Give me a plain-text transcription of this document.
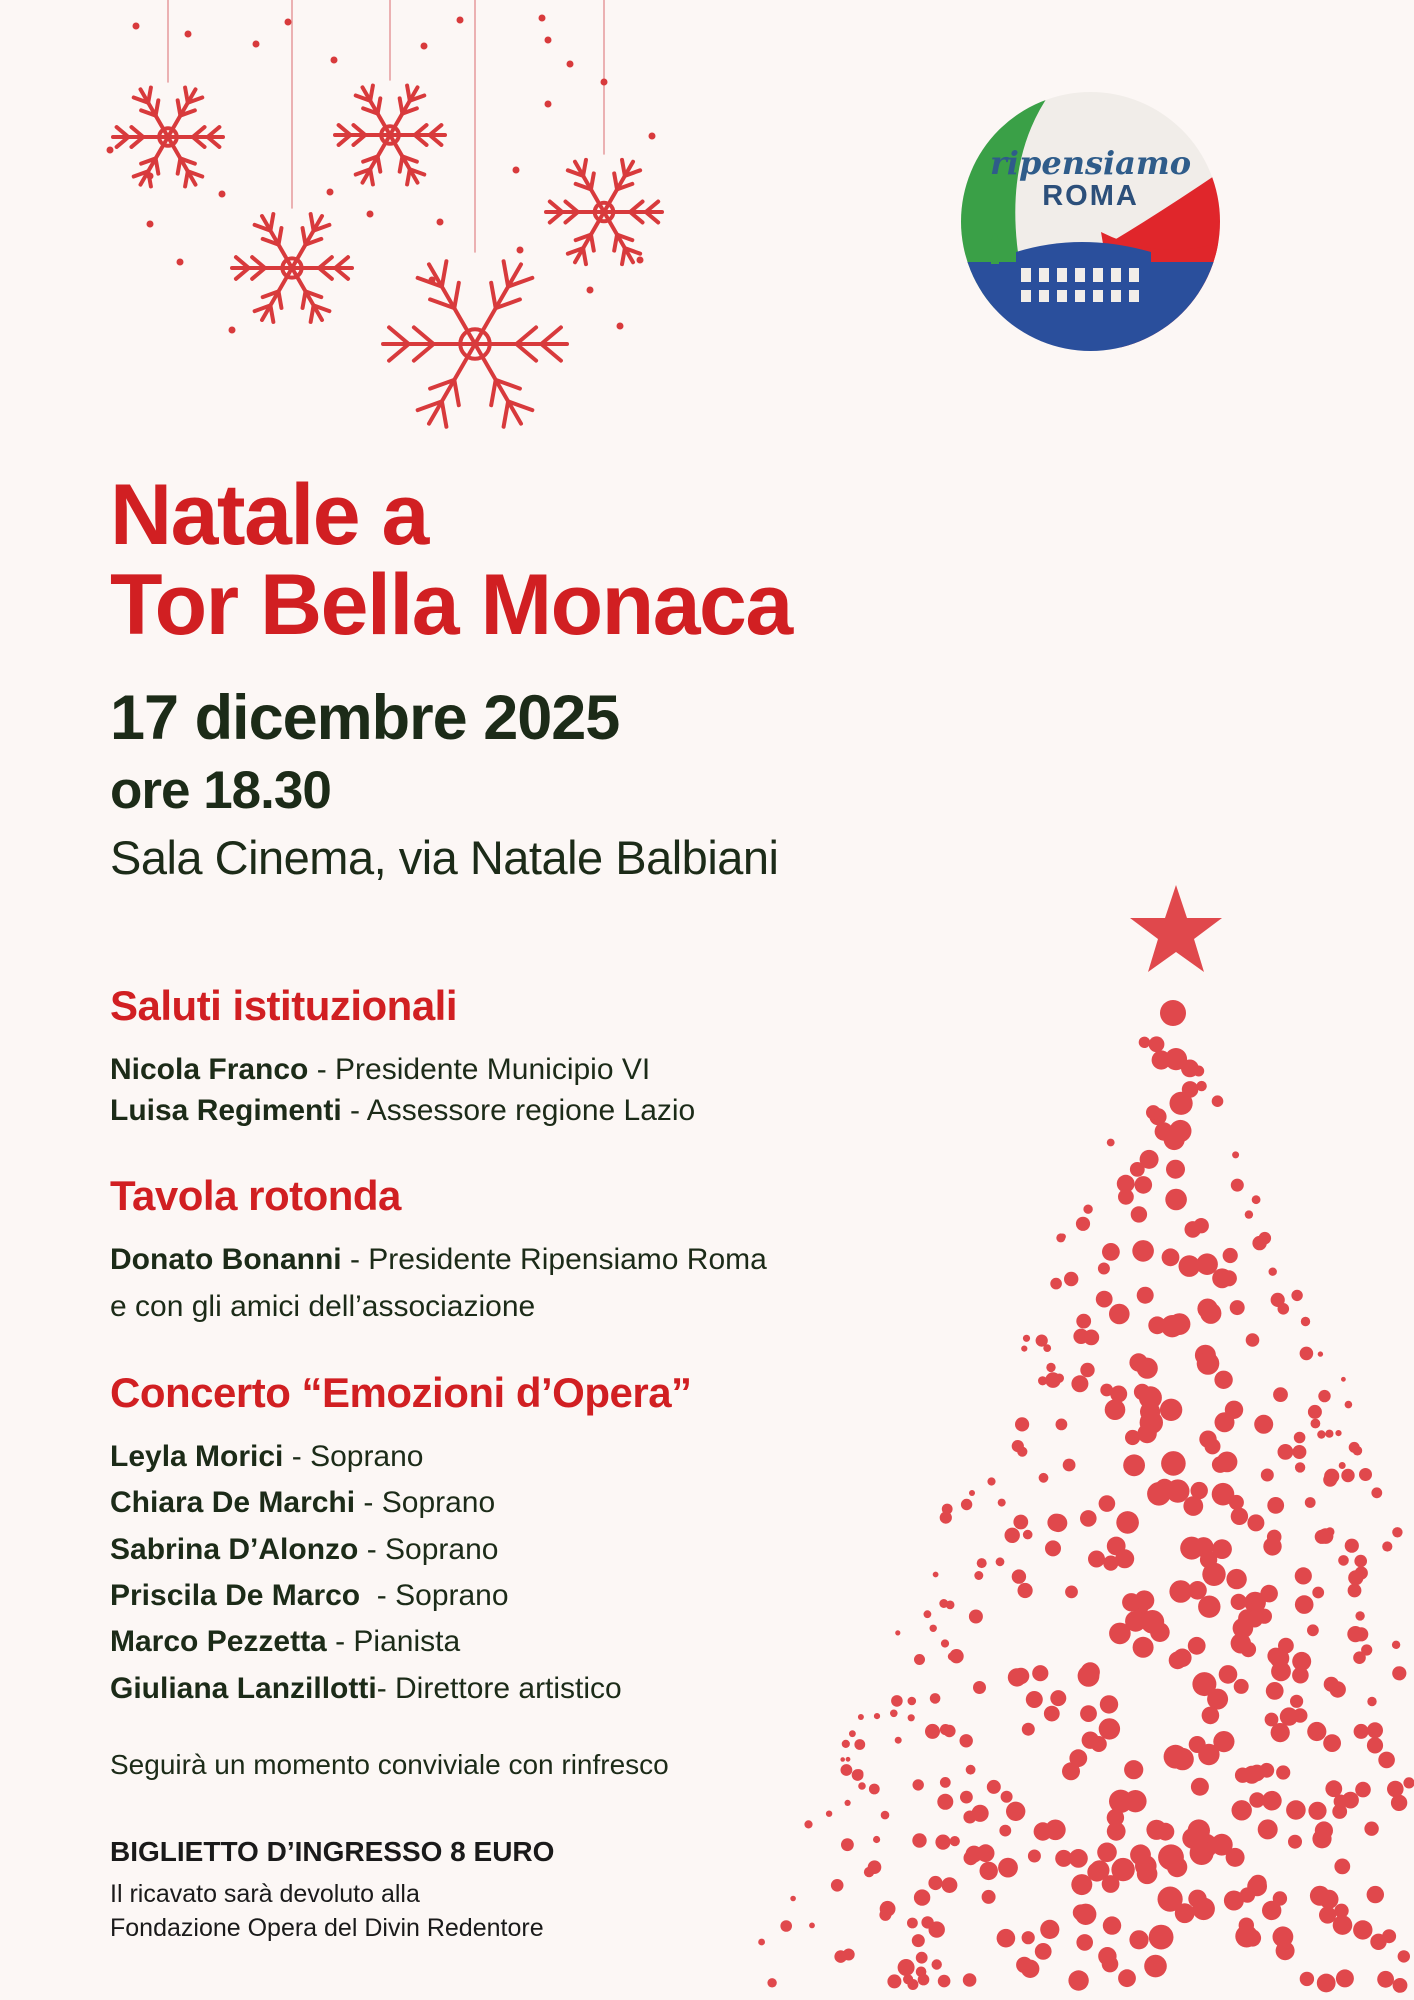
ripensiamo
ROMA
Natale a
Tor Bella Monaca
17 dicembre 2025
ore 18.30
Sala Cinema, via Natale Balbiani
Saluti istituzionali
Nicola Franco - Presidente Municipio VI
Luisa Regimenti - Assessore regione Lazio
Tavola rotonda
Donato Bonanni - Presidente Ripensiamo Roma
e con gli amici dell’associazione
Concerto “Emozioni d’Opera”
Leyla Morici - Soprano
Chiara De Marchi - Soprano
Sabrina D’Alonzo - Soprano
Priscila De Marco  - Soprano
Marco Pezzetta - Pianista
Giuliana Lanzillotti- Direttore artistico
Seguirà un momento conviviale con rinfresco
BIGLIETTO D’INGRESSO 8 EURO
Il ricavato sarà devoluto alla
Fondazione Opera del Divin Redentore
